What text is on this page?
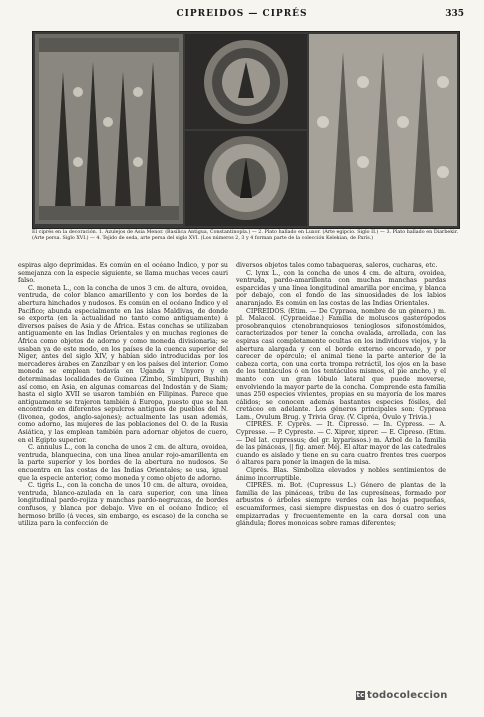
CIPREIDOS — CIPRÉS	335
El ciprés en la decoración. 1. Azulejos de Asia Menor. (Basílica Antigua, Constantinopla.) — 2. Plato hallado en Luxor. (Arte egipcio. Siglo II.) — 3. Plato hallado en Diarbekir. (Arte persa. Siglo XVI.) — 4. Tejido de seda, arte persa del siglo XVI. (Los números 2, 3 y 4 forman parte de la colección Kelekian, de París.)

espiras algo deprimidas. Es común en el océano Índico, y por su semejanza con la especie siguiente, se llama muchas veces cauri falso.

C. moneta L., con la concha de unos 3 cm. de altura, ovoidea, ventruda, de color blanco amarillento y con los bordes de la abertura hinchados y nudosos. Es común en el océano Índico y el Pacífico; abunda especialmente en las islas Maldivas, de donde se exporta (en la actualidad no tanto como antiguamente) á diversos países de Asia y de África. Estas conchas se utilizaban antiguamente en las Indias Orientales y en muchas regiones de África como objetos de adorno y como moneda divisionaria; se usaban ya de este modo, en los países de la cuenca superior del Niger, antes del siglo XIV, y habían sido introducidas por los mercaderes árabes en Zanzíbar y en los países del interior. Como moneda se emplean todavía en Uganda y Unyoro y en determinadas localidades de Guinea (Zimbo, Simbipuri, Bushih) así como, en Asia, en algunas comarcas del Indostán y de Siam; hasta el siglo XVII se usaron también en Filipinas. Parece que antiguamente se trajeron también á Europa, puesto que se han encontrado en diferentes sepulcros antiguos de pueblos del N. (livonea, godos, anglo-sajones); actualmente las usan además, como adorno, las mujeres de las poblaciones del O. de la Rusia Asiática, y las emplean también para adornar objetos de cuero, en el Egipto superior.

C. annulus L., con la concha de unos 2 cm. de altura, ovoidea, ventruda, blanquecina, con una línea anular rojo-amarillenta en la parte superior y los bordes de la abertura no nudosos. Se encuentra en las costas de las Indias Orientales; se usa, igual que la especie anterior, como moneda y como objeto de adorno.

C. tigris L., con la concha de unos 10 cm. de altura, ovoidea, ventruda, blanco-azulada en la cara superior, con una línea longitudinal pardo-rojiza y manchas pardo-negruzcas, de bordes confusos, y blanca por debajo. Vive en el océano Índico; el hermoso brillo (á veces, sin embargo, es escaso) de la concha se utiliza para la confección de

diversos objetos tales como tabaqueras, saleros, cucharas, etc.

C. lynx L., con la concha de unos 4 cm. de altura, ovoidea, ventruda, pardo-amarillenta con muchas manchas pardas esparcidas y una línea longitudinal amarilla por encima, y blanca por debajo, con el fondo de las sinuosidades de los labios anaranjado. Es común en las costas de las Indias Orientales.

CIPREIDOS. (Etim. — De Cypraea, nombre de un género.) m. pl. Malacol. (Cypraeidae.) Familia de moluscos gasterópodos prosobranquios ctenobranquiosos tenioglosos sifonostómidos, caracterizados por tener la concha ovalada, arrollada, con las espiras casi completamente ocultas en los individuos viejos, y la abertura alargada y con el borde externo encorvado, y por carecer de opérculo; el animal tiene la parte anterior de la cabeza corta, con una corta trompa retráctil, los ojos en la base de los tentáculos ó en los tentáculos mismos, el pie ancho, y el manto con un gran lóbulo lateral que puede moverse, envolviendo la mayor parte de la concha. Comprende esta familia unas 250 especies vivientes, propias en su mayoría de los mares cálidos; se conocen además bastantes especies fósiles, del cretáceo en adelante. Los géneros principales son: Cypraea Lam., Ovulum Brug. y Trivia Gray. (V. Cipréa, Óvulo y Trivia.)

CIPRÉS. F. Cyprès. — It. Cipresso. — In. Cypress. — A. Cypresse. — P. Cypreste. — C. Xiprer, xiprer. — E. Cipreso. (Etim. — Del lat. cupressus; del gr. kyparissos.) m. Árbol de la familia de las pináceas, || fig. amer. Méj. El altar mayor de las catedrales cuando es aislado y tiene en su cara cuatro frentes tres cuerpos ó altares para poner la imagen de la misa.

Ciprés. Blas. Simboliza elevados y nobles sentimientos de ánimo incorruptible.

CIPRÉS. m. Bot. (Cupressus L.) Género de plantas de la familia de las pináceas, tribu de las cupresíneas, formado por arbustos ó árboles siempre verdes con las hojas pequeñas, escuamiformes, casi siempre dispuestas en dos ó cuatro series empizarradas y frecuentemente en la cara dorsal con una glándula; flores monoicas sobre ramas diferentes;

tc todocoleccion
